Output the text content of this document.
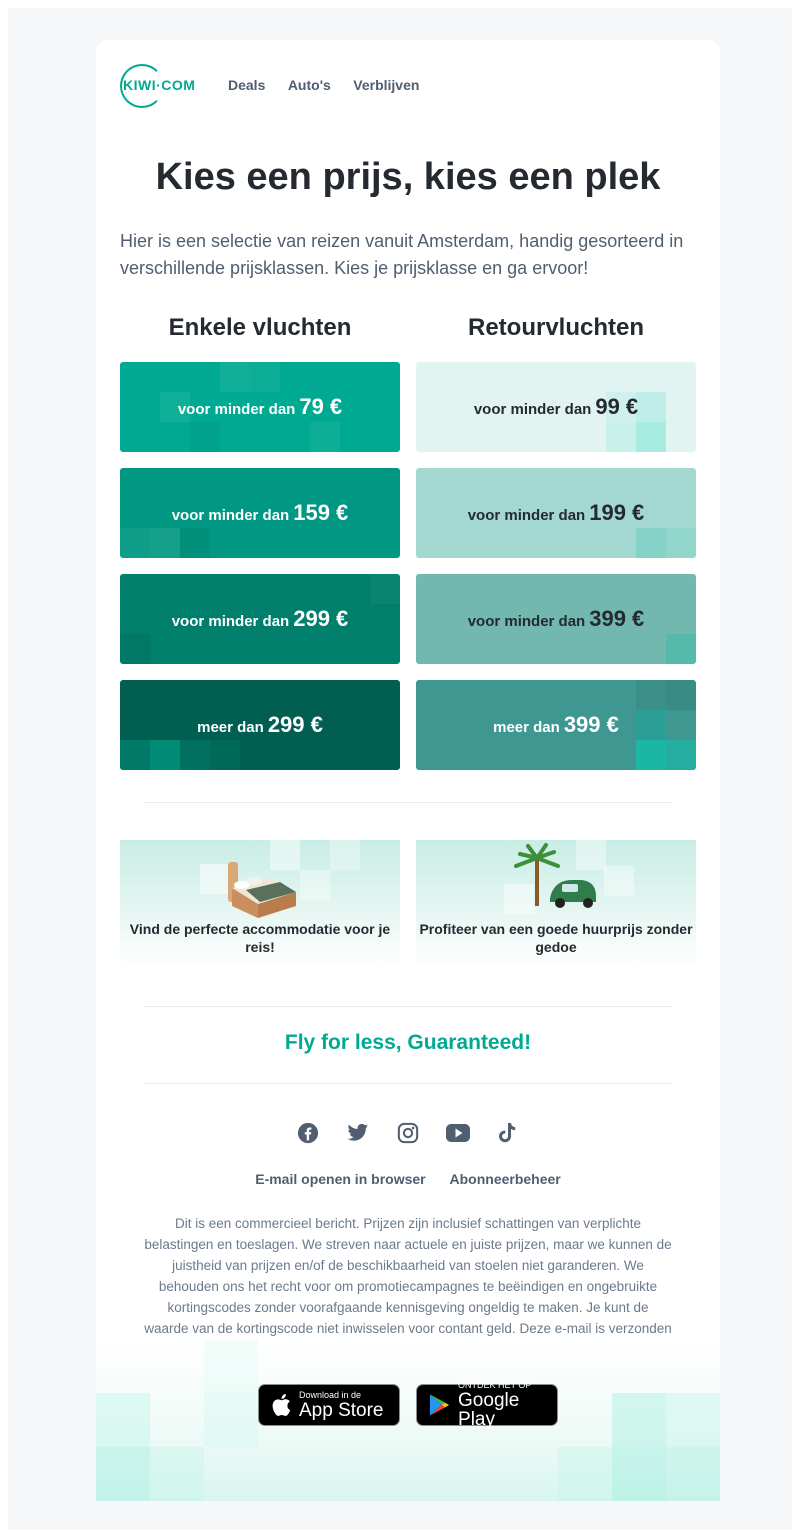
KIWI·COM Deals Auto's Verblijven
Kies een prijs, kies een plek

Hier is een selectie van reizen vanuit Amsterdam, handig gesorteerd in verschillende prijsklassen. Kies je prijsklasse en ga ervoor!

Enkele vluchten	Retourvluchten
voor minder dan 79 €
voor minder dan 159 €
voor minder dan 299 €
meer dan 299 €
voor minder dan 99 €
voor minder dan 199 €
voor minder dan 399 €
meer dan 399 €
Vind de perfecte accommodatie voor je reis!
Profiteer van een goede huurprijs zonder gedoe
Fly for less, Guaranteed!
E-mail openen in browser Abonneerbeheer

Dit is een commercieel bericht. Prijzen zijn inclusief schattingen van verplichte belastingen en toeslagen. We streven naar actuele en juiste prijzen, maar we kunnen de juistheid van prijzen en/of de beschikbaarheid van stoelen niet garanderen. We behouden ons het recht voor om promotiecampagnes te beëindigen en ongebruikte kortingscodes zonder voorafgaande kennisgeving ongeldig te maken. Je kunt de waarde van de kortingscode niet inwisselen voor contant geld. Deze e-mail is verzonden

Download in de
App Store
ONTDEK HET OP
Google Play
